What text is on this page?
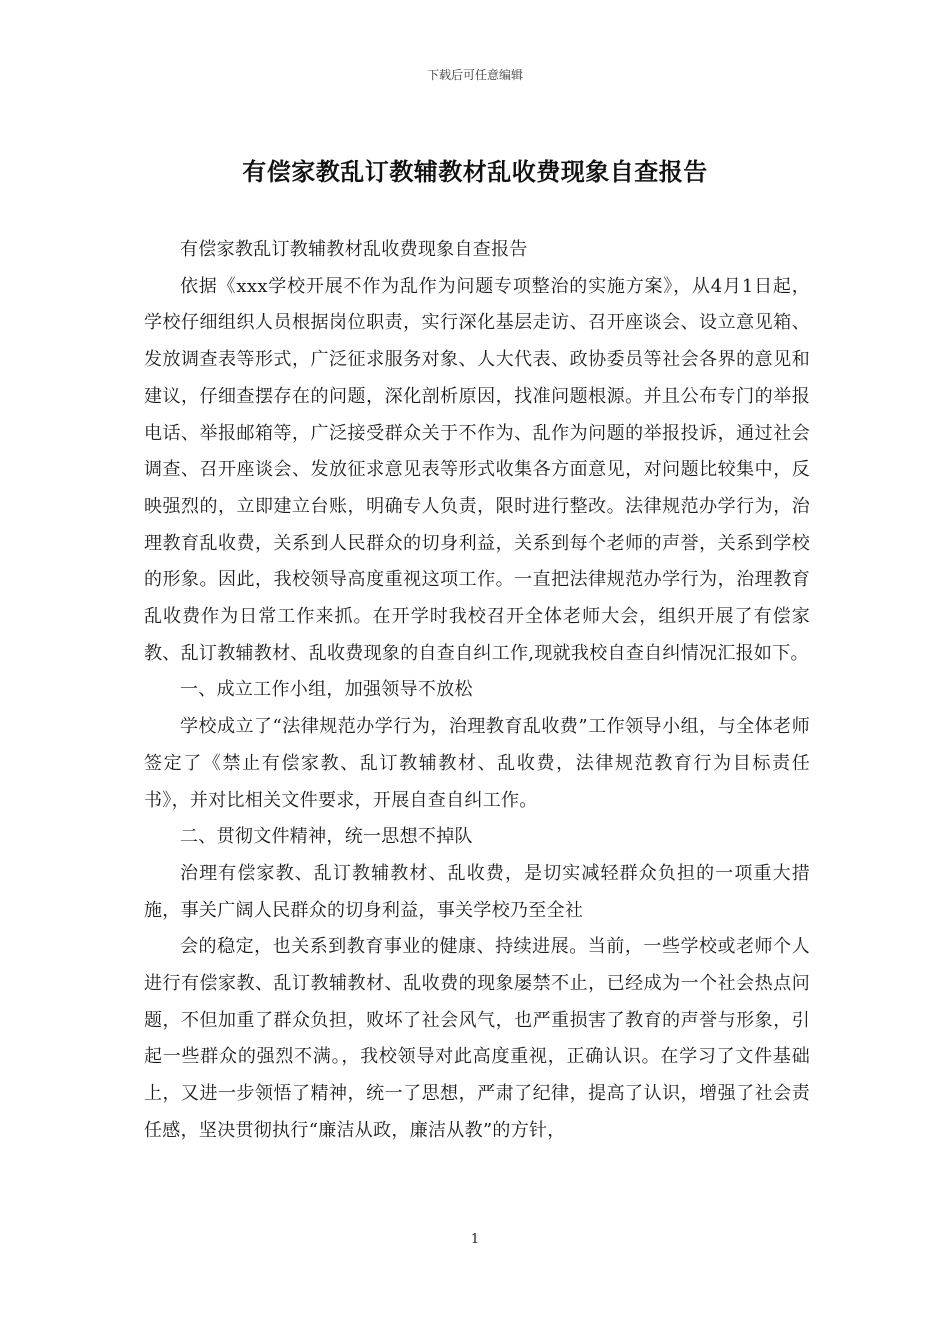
下载后可任意编辑
有偿家教乱订教辅教材乱收费现象自查报告

有偿家教乱订教辅教材乱收费现象自查报告

依据《xxx学校开展不作为乱作为问题专项整治的实施方案》，从4月1日起，学校仔细组织人员根据岗位职责，实行深化基层走访、召开座谈会、设立意见箱、发放调查表等形式，广泛征求服务对象、人大代表、政协委员等社会各界的意见和建议，仔细查摆存在的问题，深化剖析原因，找准问题根源。并且公布专门的举报电话、举报邮箱等，广泛接受群众关于不作为、乱作为问题的举报投诉，通过社会调查、召开座谈会、发放征求意见表等形式收集各方面意见，对问题比较集中，反映强烈的，立即建立台账，明确专人负责，限时进行整改。法律规范办学行为，治理教育乱收费，关系到人民群众的切身利益，关系到每个老师的声誉，关系到学校的形象。因此，我校领导高度重视这项工作。一直把法律规范办学行为，治理教育乱收费作为日常工作来抓。在开学时我校召开全体老师大会，组织开展了有偿家教、乱订教辅教材、乱收费现象的自查自纠工作,现就我校自查自纠情况汇报如下。

一、成立工作小组，加强领导不放松

学校成立了“法律规范办学行为，治理教育乱收费”工作领导小组，与全体老师签定了《禁止有偿家教、乱订教辅教材、乱收费，法律规范教育行为目标责任书》，并对比相关文件要求，开展自查自纠工作。

二、贯彻文件精神，统一思想不掉队

治理有偿家教、乱订教辅教材、乱收费，是切实减轻群众负担的一项重大措施，事关广阔人民群众的切身利益，事关学校乃至全社

会的稳定，也关系到教育事业的健康、持续进展。当前，一些学校或老师个人进行有偿家教、乱订教辅教材、乱收费的现象屡禁不止，已经成为一个社会热点问题，不但加重了群众负担，败坏了社会风气，也严重损害了教育的声誉与形象，引起一些群众的强烈不满。，我校领导对此高度重视，正确认识。在学习了文件基础上，又进一步领悟了精神，统一了思想，严肃了纪律，提高了认识，增强了社会责任感，坚决贯彻执行“廉洁从政，廉洁从教”的方针，

1
